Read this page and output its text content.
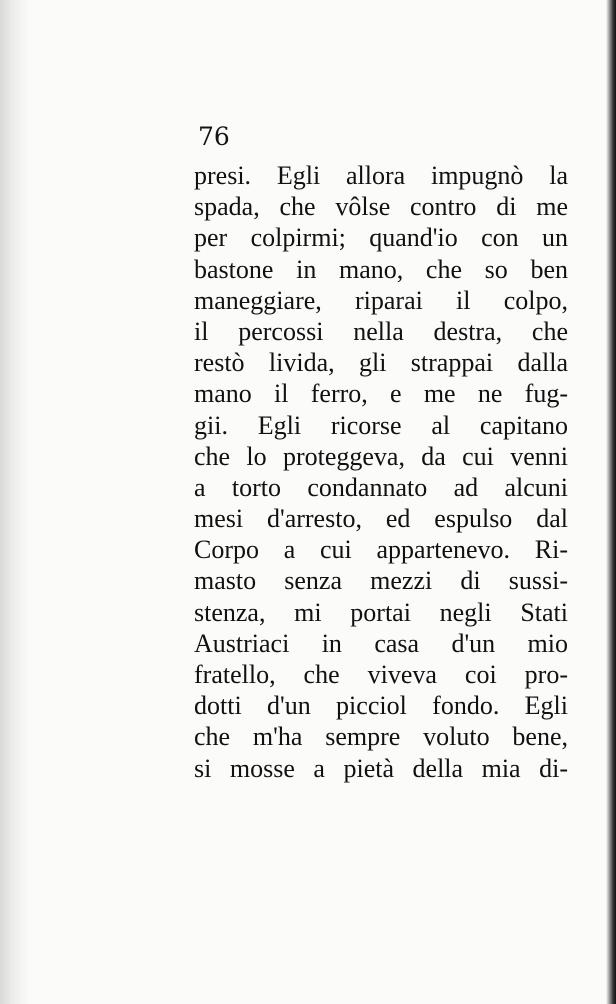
76
presi. Egli allora impugnò la
spada, che vôlse contro di me
per colpirmi; quand'io con un
bastone in mano, che so ben
maneggiare, riparai il colpo,
il percossi nella destra, che
restò livida, gli strappai dalla
mano il ferro, e me ne fug-
gii. Egli ricorse al capitano
che lo proteggeva, da cui venni
a torto condannato ad alcuni
mesi d'arresto, ed espulso dal
Corpo a cui appartenevo. Ri-
masto senza mezzi di sussi-
stenza, mi portai negli Stati
Austriaci in casa d'un mio
fratello, che viveva coi pro-
dotti d'un picciol fondo. Egli
che m'ha sempre voluto bene,
si mosse a pietà della mia di-
